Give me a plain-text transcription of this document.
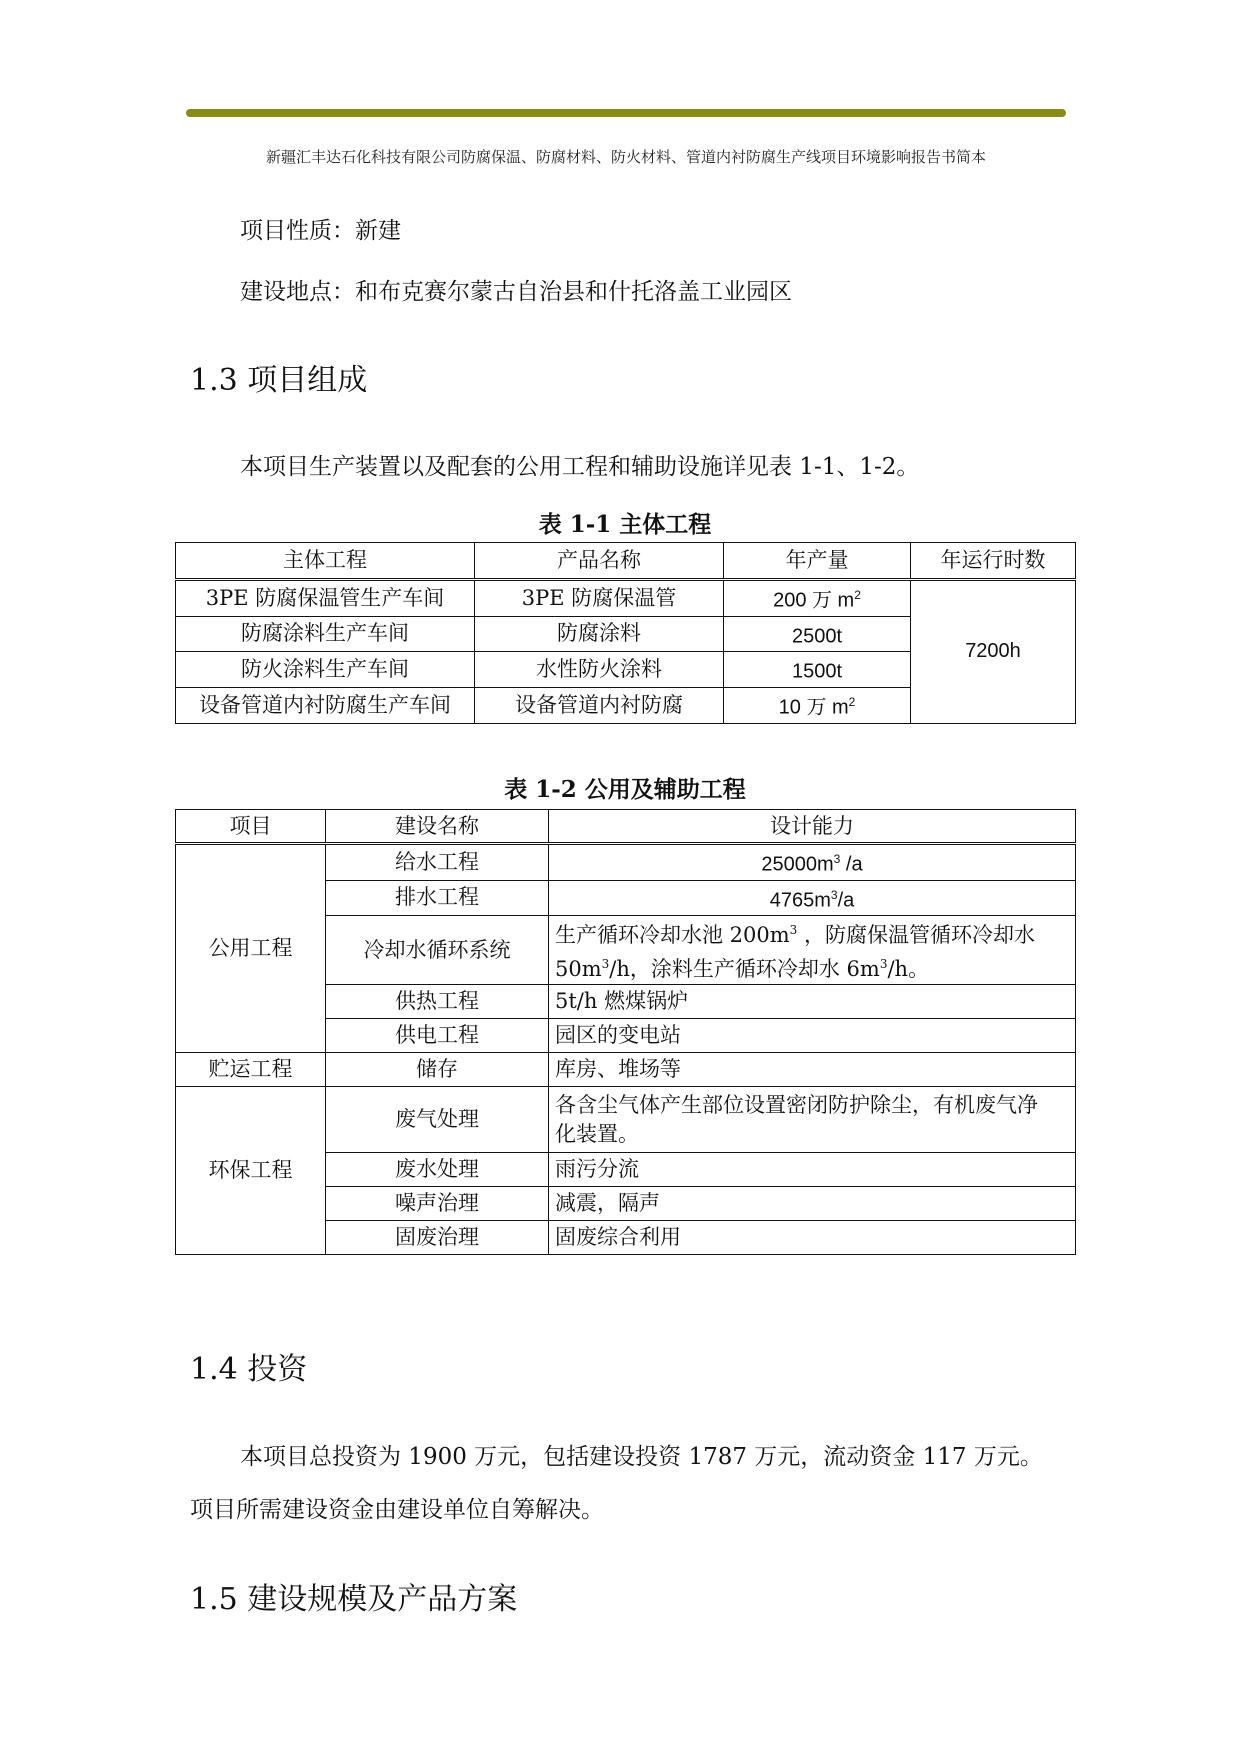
新疆汇丰达石化科技有限公司防腐保温、防腐材料、防火材料、管道内衬防腐生产线项目环境影响报告书简本
项目性质：新建
建设地点：和布克赛尔蒙古自治县和什托洛盖工业园区
1.3 项目组成
本项目生产装置以及配套的公用工程和辅助设施详见表 1-1、1-2。
表 1-1 主体工程
主体工程	产品名称	年产量	年运行时数
3PE 防腐保温管生产车间	3PE 防腐保温管	200 万 $m^2$	7200h
防腐涂料生产车间	防腐涂料	2500t	
防火涂料生产车间	水性防火涂料	1500t	
设备管道内衬防腐生产车间	设备管道内衬防腐	10 万 $m^2$
表 1-2 公用及辅助工程
项目	建设名称	设计能力
公用工程	给水工程	$25000m^3$ /a
	排水工程	$4765m^3/a$
	冷却水循环系统	生产循环冷却水池 $200m^3$ ，防腐保温管循环冷却水
$50m^3/h$，涂料生产循环冷却水 $6m^3/h$。

	供热工程	5t/h 燃煤锅炉
	供电工程	园区的变电站
贮运工程	储存	库房、堆场等
环保工程	废气处理	各含尘气体产生部位设置密闭防护除尘，有机废气净
化装置。

	废水处理	雨污分流
	噪声治理	减震，隔声
	固废治理	固废综合利用
1.4 投资
本项目总投资为 1900 万元，包括建设投资 1787 万元，流动资金 117 万元。
项目所需建设资金由建设单位自筹解决。
1.5 建设规模及产品方案
